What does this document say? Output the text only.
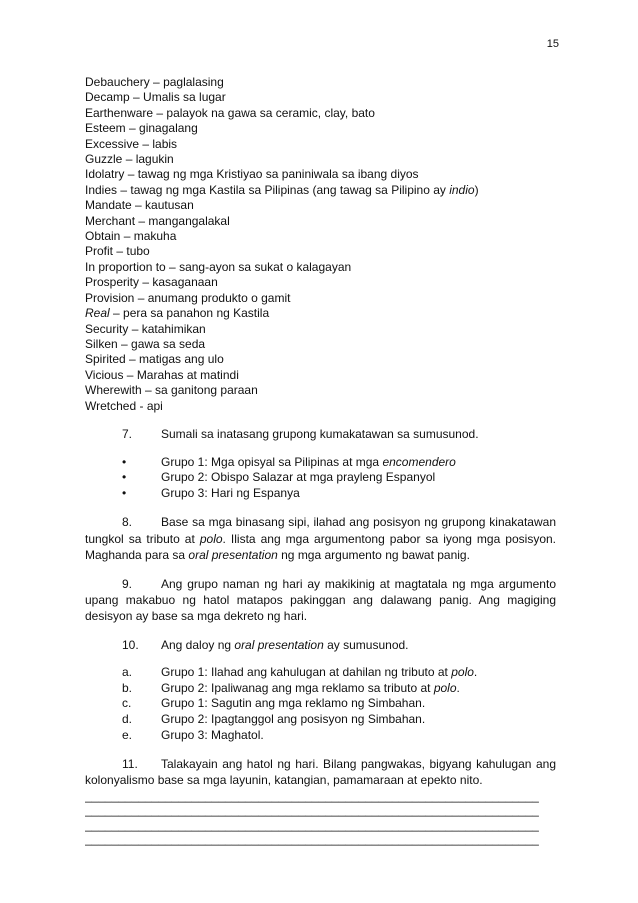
15
Debauchery – paglalasing
Decamp – Umalis sa lugar
Earthenware – palayok na gawa sa ceramic, clay, bato
Esteem – ginagalang
Excessive – labis
Guzzle – lagukin
Idolatry – tawag ng mga Kristiyao sa paniniwala sa ibang diyos
Indies – tawag ng mga Kastila sa Pilipinas (ang tawag sa Pilipino ay indio)
Mandate – kautusan
Merchant – mangangalakal
Obtain – makuha
Profit – tubo
In proportion to – sang-ayon sa sukat o kalagayan
Prosperity – kasaganaan
Provision – anumang produkto o gamit
Real – pera sa panahon ng Kastila
Security – katahimikan
Silken – gawa sa seda
Spirited – matigas ang ulo
Vicious – Marahas at matindi
Wherewith – sa ganitong paraan
Wretched - api
7.	Sumali sa inatasang grupong kumakatawan sa sumusunod.
•	Grupo 1: Mga opisyal sa Pilipinas at mga encomendero
•	Grupo 2: Obispo Salazar at mga prayleng Espanyol
•	Grupo 3: Hari ng Espanya
8. Base sa mga binasang sipi, ilahad ang posisyon ng grupong kinakatawan tungkol sa tributo at polo. Ilista ang mga argumentong pabor sa iyong mga posisyon. Maghanda para sa oral presentation ng mga argumento ng bawat panig.
9. Ang grupo naman ng hari ay makikinig at magtatala ng mga argumento upang makabuo ng hatol matapos pakinggan ang dalawang panig. Ang magiging desisyon ay base sa mga dekreto ng hari.
10.	Ang daloy ng oral presentation ay sumusunod.
a.	Grupo 1: Ilahad ang kahulugan at dahilan ng tributo at polo.
b.	Grupo 2: Ipaliwanag ang mga reklamo sa tributo at polo.
c.	Grupo 1: Sagutin ang mga reklamo ng Simbahan.
d.	Grupo 2: Ipagtanggol ang posisyon ng Simbahan.
e.	Grupo 3: Maghatol.
11. Talakayain ang hatol ng hari. Bilang pangwakas, bigyang kahulugan ang kolonyalismo base sa mga layunin, katangian, pamamaraan at epekto nito.
____________________________________________________________________
____________________________________________________________________
____________________________________________________________________
____________________________________________________________________
